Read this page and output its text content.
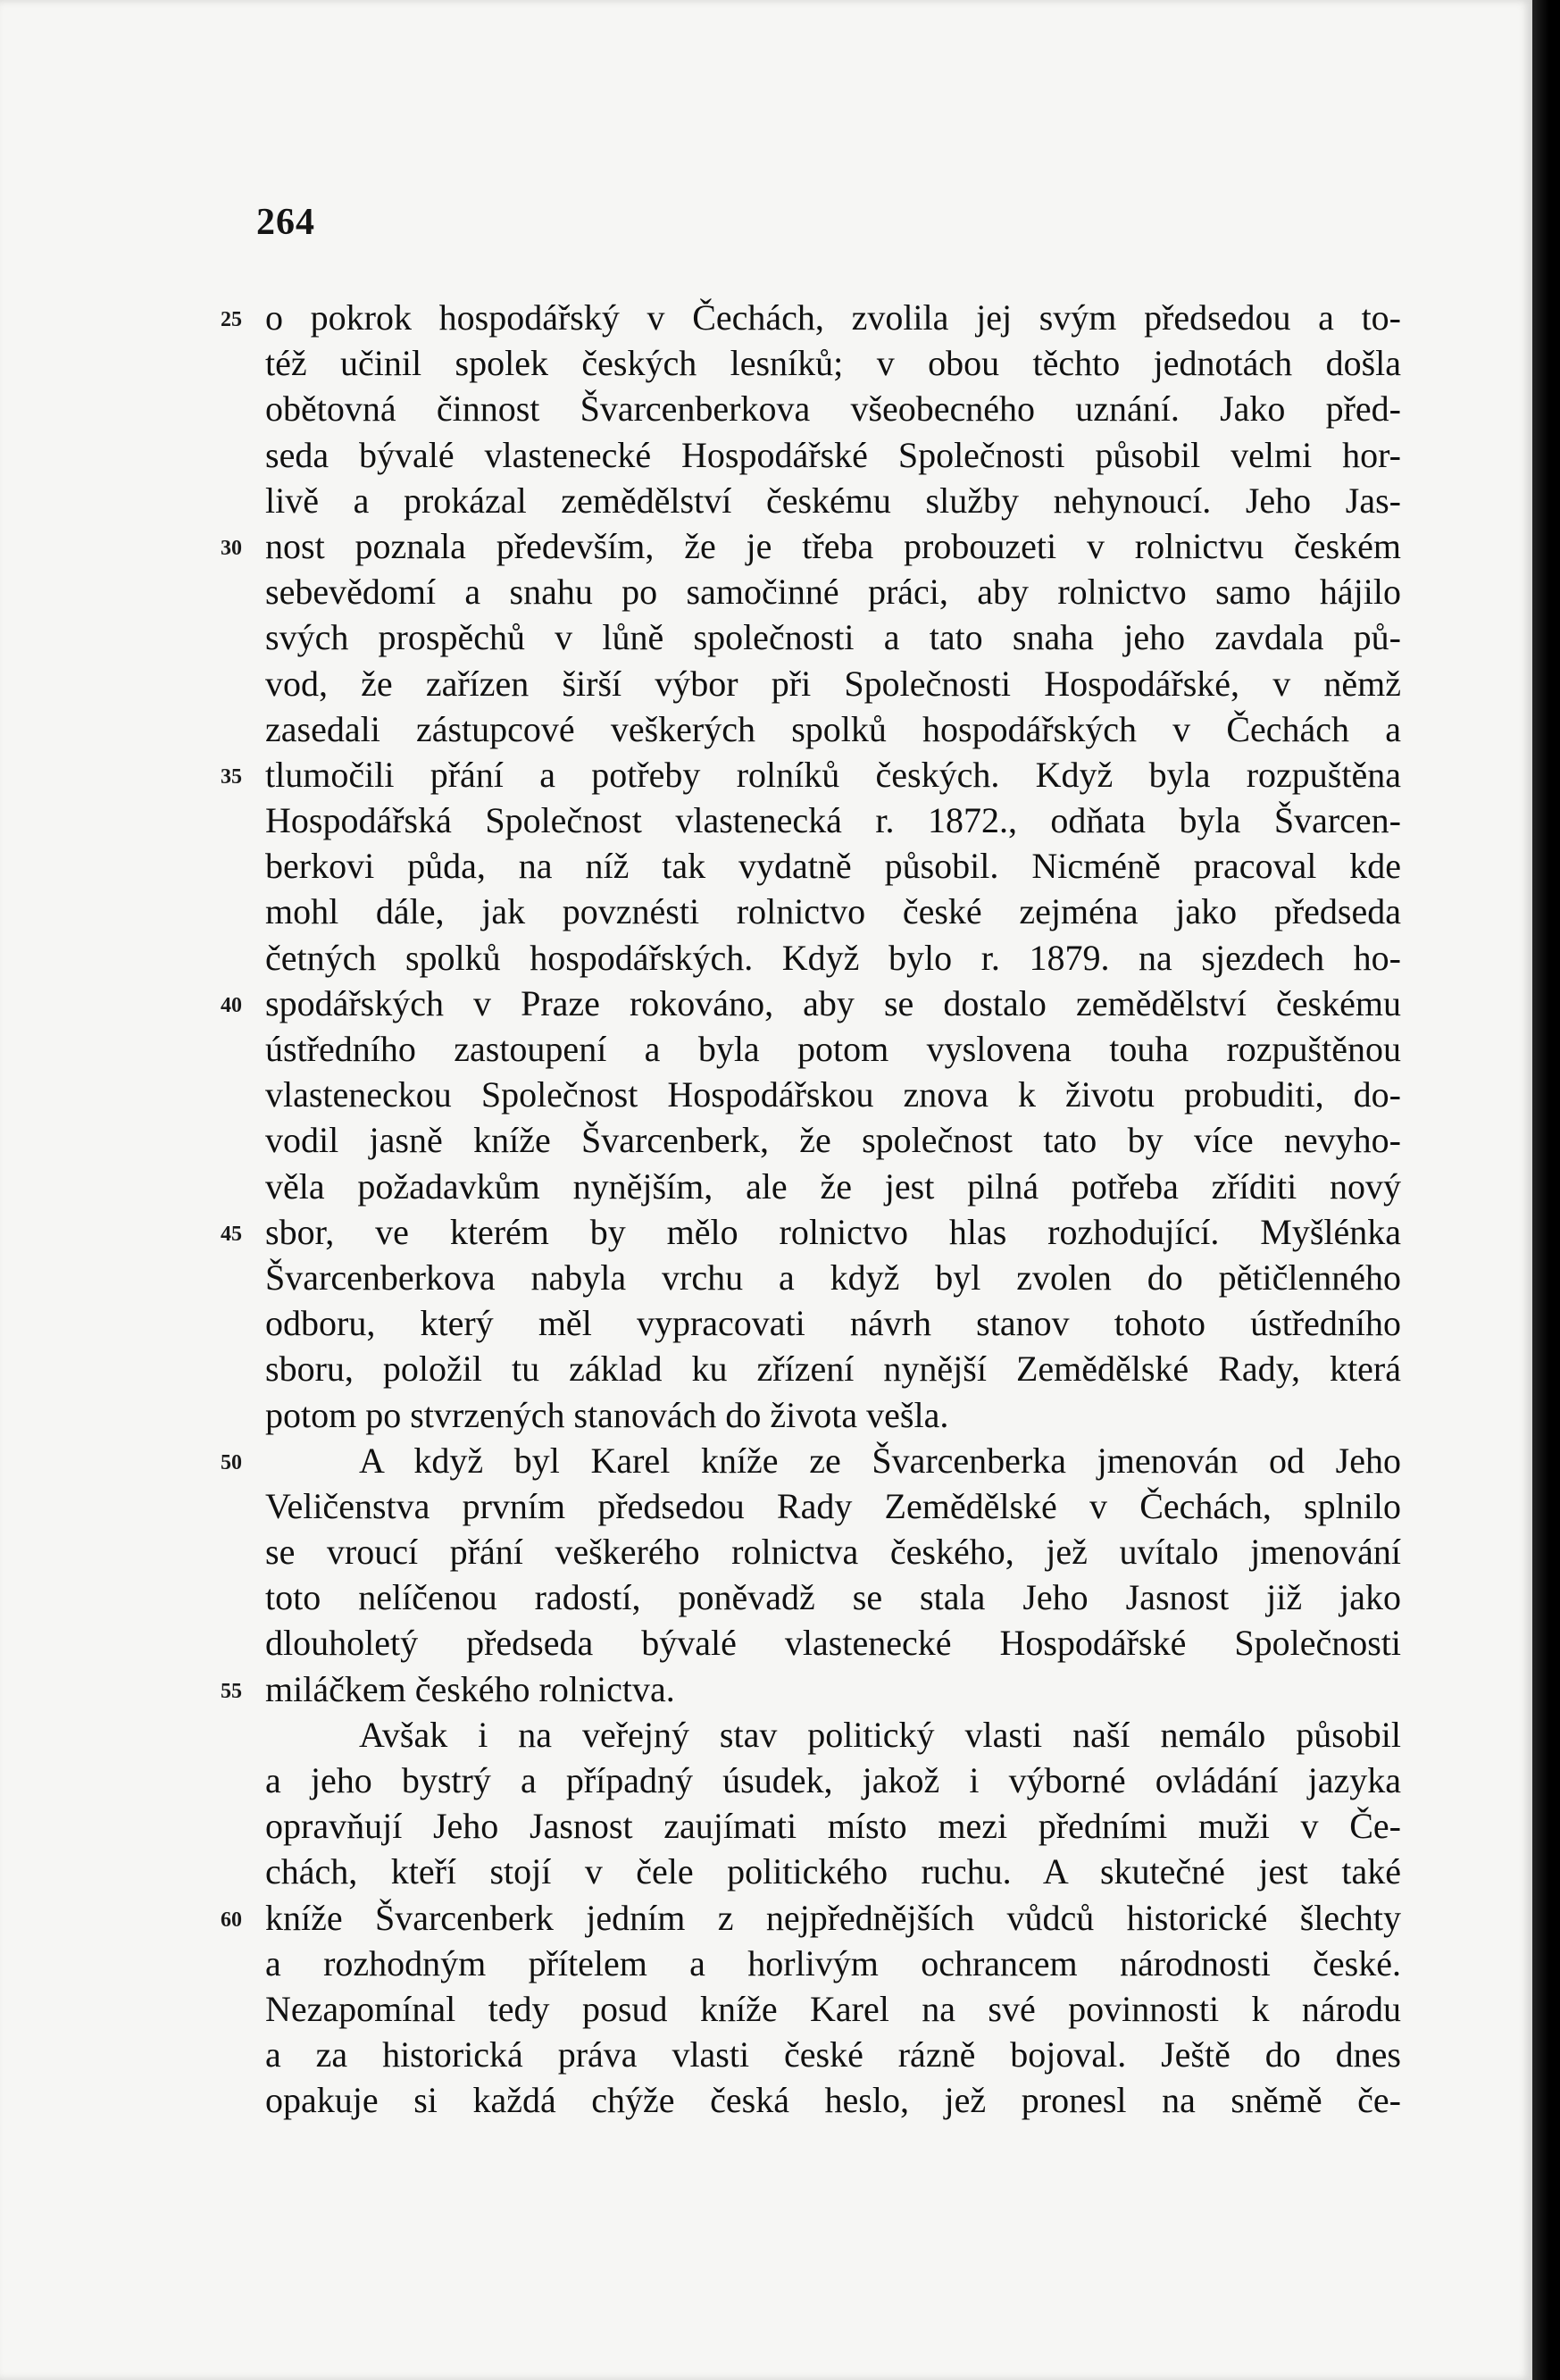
264
25 o pokrok hospodářský v Čechách, zvolila jej svým předsedou a to-
též učinil spolek českých lesníků; v obou těchto jednotách došla
obětovná činnost Švarcenberkova všeobecného uznání. Jako před-
seda bývalé vlastenecké Hospodářské Společnosti působil velmi hor-
livě a prokázal zemědělství českému služby nehynoucí. Jeho Jas-
30 nost poznala především, že je třeba probouzeti v rolnictvu českém
sebevědomí a snahu po samočinné práci, aby rolnictvo samo hájilo
svých prospěchů v lůně společnosti a tato snaha jeho zavdala pů-
vod, že zařízen širší výbor při Společnosti Hospodářské, v němž
zasedali zástupcové veškerých spolků hospodářských v Čechách a
35 tlumočili přání a potřeby rolníků českých. Když byla rozpuštěna
Hospodářská Společnost vlastenecká r. 1872., odňata byla Švarcen-
berkovi půda, na níž tak vydatně působil. Nicméně pracoval kde
mohl dále, jak povznésti rolnictvo české zejména jako předseda
četných spolků hospodářských. Když bylo r. 1879. na sjezdech ho-
40 spodářských v Praze rokováno, aby se dostalo zemědělství českému
ústředního zastoupení a byla potom vyslovena touha rozpuštěnou
vlasteneckou Společnost Hospodářskou znova k životu probuditi, do-
vodil jasně kníže Švarcenberk, že společnost tato by více nevyho-
věla požadavkům nynějším, ale že jest pilná potřeba zříditi nový
45 sbor, ve kterém by mělo rolnictvo hlas rozhodující. Myšlénka
Švarcenberkova nabyla vrchu a když byl zvolen do pětičlenného
odboru, který měl vypracovati návrh stanov tohoto ústředního
sboru, položil tu základ ku zřízení nynější Zemědělské Rady, která
potom po stvrzených stanovách do života vešla.
50	A když byl Karel kníže ze Švarcenberka jmenován od Jeho
Veličenstva prvním předsedou Rady Zemědělské v Čechách, splnilo
se vroucí přání veškerého rolnictva českého, jež uvítalo jmenování
toto nelíčenou radostí, poněvadž se stala Jeho Jasnost již jako
dlouholetý předseda bývalé vlastenecké Hospodářské Společnosti
55 miláčkem českého rolnictva.
Avšak i na veřejný stav politický vlasti naší nemálo působil
a jeho bystrý a případný úsudek, jakož i výborné ovládání jazyka
opravňují Jeho Jasnost zaujímati místo mezi předními muži v Če-
chách, kteří stojí v čele politického ruchu. A skutečné jest také
60 kníže Švarcenberk jedním z nejpřednějších vůdců historické šlechty
a rozhodným přítelem a horlivým ochrancem národnosti české.
Nezapomínal tedy posud kníže Karel na své povinnosti k národu
a za historická práva vlasti české rázně bojoval. Ještě do dnes
opakuje si každá chýže česká heslo, jež pronesl na sněmě če-
